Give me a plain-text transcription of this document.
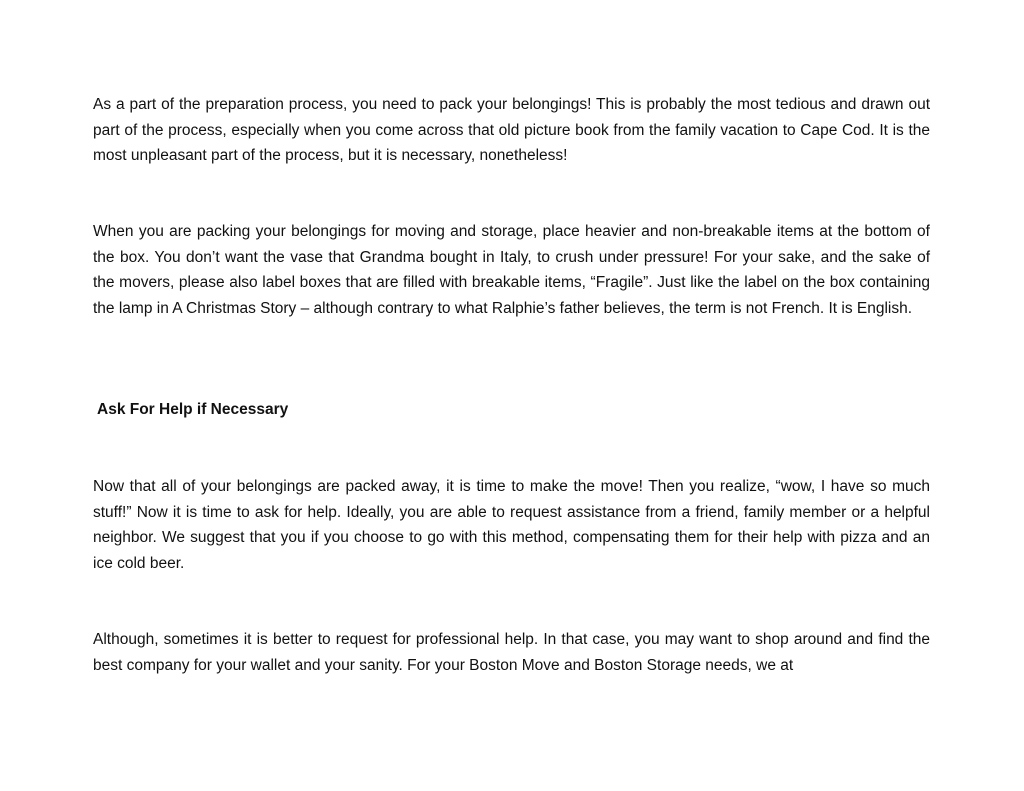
As a part of the preparation process, you need to pack your belongings! This is probably the most tedious and drawn out part of the process, especially when you come across that old picture book from the family vacation to Cape Cod. It is the most unpleasant part of the process, but it is necessary, nonetheless!

When you are packing your belongings for moving and storage, place heavier and non-breakable items at the bottom of the box. You don’t want the vase that Grandma bought in Italy, to crush under pressure! For your sake, and the sake of the movers, please also label boxes that are filled with breakable items, “Fragile”. Just like the label on the box containing the lamp in A Christmas Story – although contrary to what Ralphie’s father believes, the term is not French. It is English.

Ask For Help if Necessary

Now that all of your belongings are packed away, it is time to make the move! Then you realize, “wow, I have so much stuff!” Now it is time to ask for help. Ideally, you are able to request assistance from a friend, family member or a helpful neighbor. We suggest that you if you choose to go with this method, compensating them for their help with pizza and an ice cold beer.

Although, sometimes it is better to request for professional help. In that case, you may want to shop around and find the best company for your wallet and your sanity. For your Boston Move and Boston Storage needs, we at
